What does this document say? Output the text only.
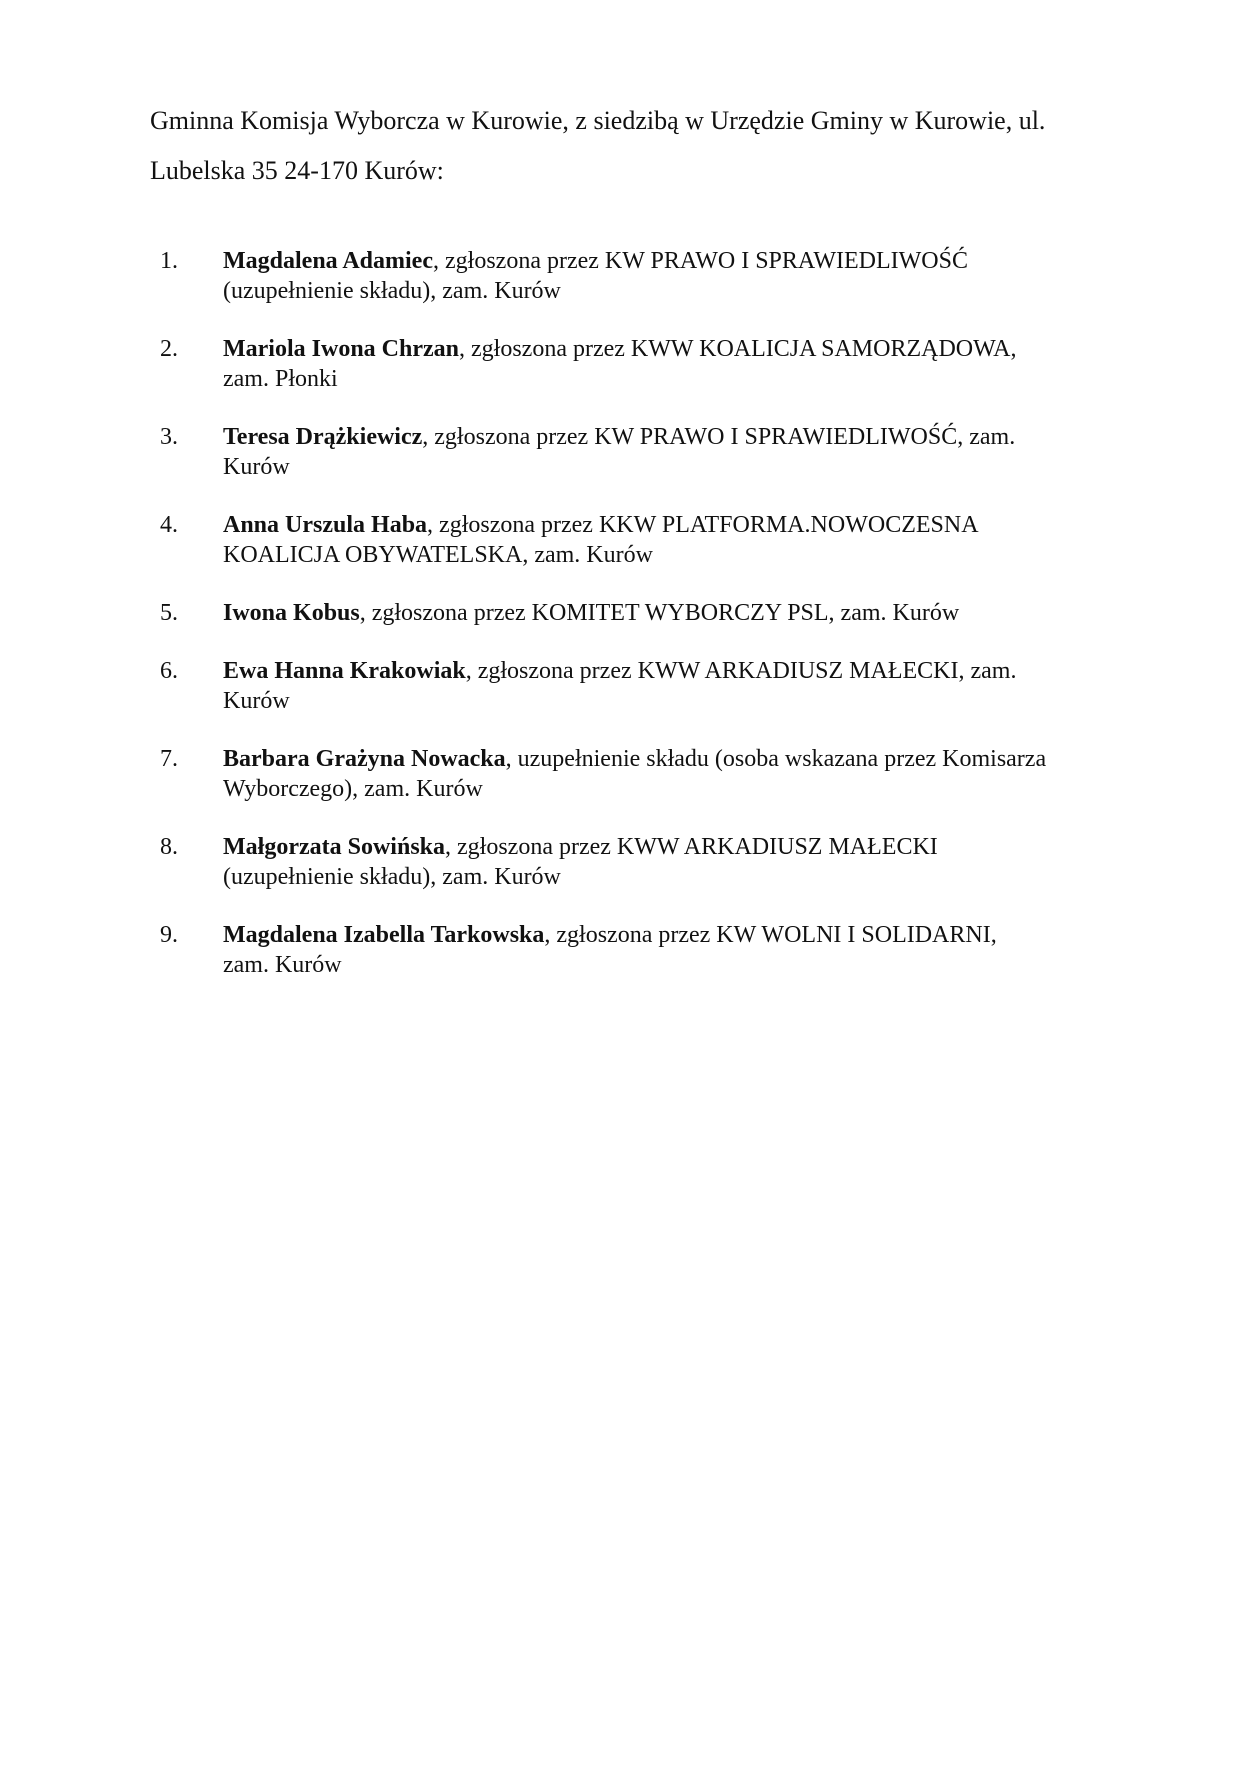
Gminna Komisja Wyborcza w Kurowie, z siedzibą w Urzędzie Gminy w Kurowie, ul.
Lubelska 35 24-170 Kurów:

1. Magdalena Adamiec, zgłoszona przez KW PRAWO I SPRAWIEDLIWOŚĆ
(uzupełnienie składu), zam. Kurów
2. Mariola Iwona Chrzan, zgłoszona przez KWW KOALICJA SAMORZĄDOWA,
zam. Płonki
3. Teresa Drążkiewicz, zgłoszona przez KW PRAWO I SPRAWIEDLIWOŚĆ, zam.
Kurów
4. Anna Urszula Haba, zgłoszona przez KKW PLATFORMA.NOWOCZESNA
KOALICJA OBYWATELSKA, zam. Kurów
5. Iwona Kobus, zgłoszona przez KOMITET WYBORCZY PSL, zam. Kurów
6. Ewa Hanna Krakowiak, zgłoszona przez KWW ARKADIUSZ MAŁECKI, zam.
Kurów
7. Barbara Grażyna Nowacka, uzupełnienie składu (osoba wskazana przez Komisarza
Wyborczego), zam. Kurów
8. Małgorzata Sowińska, zgłoszona przez KWW ARKADIUSZ MAŁECKI
(uzupełnienie składu), zam. Kurów
9. Magdalena Izabella Tarkowska, zgłoszona przez KW WOLNI I SOLIDARNI,
zam. Kurów
